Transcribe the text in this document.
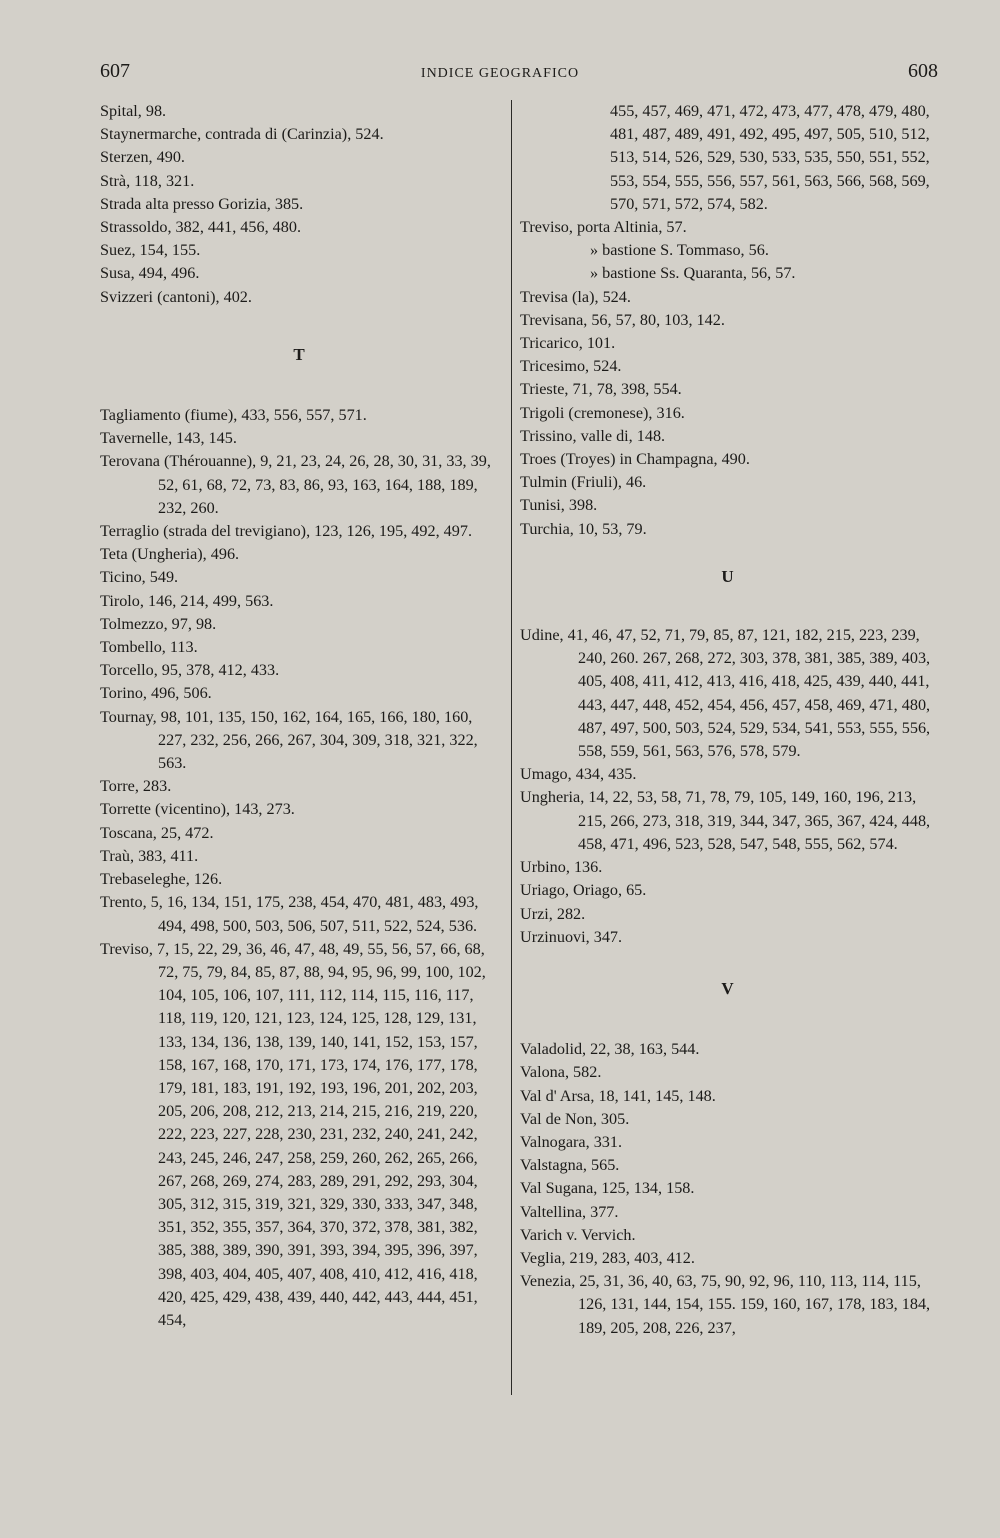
607	INDICE GEOGRAFICO	608

Spital, 98.

Staynermarche, contrada di (Carinzia), 524.

Sterzen, 490.

Strà, 118, 321.

Strada alta presso Gorizia, 385.

Strassoldo, 382, 441, 456, 480.

Suez, 154, 155.

Susa, 494, 496.

Svizzeri (cantoni), 402.

T

Tagliamento (fiume), 433, 556, 557, 571.

Tavernelle, 143, 145.

Terovana (Thérouanne), 9, 21, 23, 24, 26, 28, 30, 31, 33, 39, 52, 61, 68, 72, 73, 83, 86, 93, 163, 164, 188, 189, 232, 260.

Terraglio (strada del trevigiano), 123, 126, 195, 492, 497.

Teta (Ungheria), 496.

Ticino, 549.

Tirolo, 146, 214, 499, 563.

Tolmezzo, 97, 98.

Tombello, 113.

Torcello, 95, 378, 412, 433.

Torino, 496, 506.

Tournay, 98, 101, 135, 150, 162, 164, 165, 166, 180, 160, 227, 232, 256, 266, 267, 304, 309, 318, 321, 322, 563.

Torre, 283.

Torrette (vicentino), 143, 273.

Toscana, 25, 472.

Traù, 383, 411.

Trebaseleghe, 126.

Trento, 5, 16, 134, 151, 175, 238, 454, 470, 481, 483, 493, 494, 498, 500, 503, 506, 507, 511, 522, 524, 536.

Treviso, 7, 15, 22, 29, 36, 46, 47, 48, 49, 55, 56, 57, 66, 68, 72, 75, 79, 84, 85, 87, 88, 94, 95, 96, 99, 100, 102, 104, 105, 106, 107, 111, 112, 114, 115, 116, 117, 118, 119, 120, 121, 123, 124, 125, 128, 129, 131, 133, 134, 136, 138, 139, 140, 141, 152, 153, 157, 158, 167, 168, 170, 171, 173, 174, 176, 177, 178, 179, 181, 183, 191, 192, 193, 196, 201, 202, 203, 205, 206, 208, 212, 213, 214, 215, 216, 219, 220, 222, 223, 227, 228, 230, 231, 232, 240, 241, 242, 243, 245, 246, 247, 258, 259, 260, 262, 265, 266, 267, 268, 269, 274, 283, 289, 291, 292, 293, 304, 305, 312, 315, 319, 321, 329, 330, 333, 347, 348, 351, 352, 355, 357, 364, 370, 372, 378, 381, 382, 385, 388, 389, 390, 391, 393, 394, 395, 396, 397, 398, 403, 404, 405, 407, 408, 410, 412, 416, 418, 420, 425, 429, 438, 439, 440, 442, 443, 444, 451, 454,

455, 457, 469, 471, 472, 473, 477, 478, 479, 480, 481, 487, 489, 491, 492, 495, 497, 505, 510, 512, 513, 514, 526, 529, 530, 533, 535, 550, 551, 552, 553, 554, 555, 556, 557, 561, 563, 566, 568, 569, 570, 571, 572, 574, 582.

Treviso, porta Altinia, 57.

» bastione S. Tommaso, 56.

» bastione Ss. Quaranta, 56, 57.

Trevisa (la), 524.

Trevisana, 56, 57, 80, 103, 142.

Tricarico, 101.

Tricesimo, 524.

Trieste, 71, 78, 398, 554.

Trigoli (cremonese), 316.

Trissino, valle di, 148.

Troes (Troyes) in Champagna, 490.

Tulmin (Friuli), 46.

Tunisi, 398.

Turchia, 10, 53, 79.

U

Udine, 41, 46, 47, 52, 71, 79, 85, 87, 121, 182, 215, 223, 239, 240, 260. 267, 268, 272, 303, 378, 381, 385, 389, 403, 405, 408, 411, 412, 413, 416, 418, 425, 439, 440, 441, 443, 447, 448, 452, 454, 456, 457, 458, 469, 471, 480, 487, 497, 500, 503, 524, 529, 534, 541, 553, 555, 556, 558, 559, 561, 563, 576, 578, 579.

Umago, 434, 435.

Ungheria, 14, 22, 53, 58, 71, 78, 79, 105, 149, 160, 196, 213, 215, 266, 273, 318, 319, 344, 347, 365, 367, 424, 448, 458, 471, 496, 523, 528, 547, 548, 555, 562, 574.

Urbino, 136.

Uriago, Oriago, 65.

Urzi, 282.

Urzinuovi, 347.

V

Valadolid, 22, 38, 163, 544.

Valona, 582.

Val d' Arsa, 18, 141, 145, 148.

Val de Non, 305.

Valnogara, 331.

Valstagna, 565.

Val Sugana, 125, 134, 158.

Valtellina, 377.

Varich v. Vervich.

Veglia, 219, 283, 403, 412.

Venezia, 25, 31, 36, 40, 63, 75, 90, 92, 96, 110, 113, 114, 115, 126, 131, 144, 154, 155. 159, 160, 167, 178, 183, 184, 189, 205, 208, 226, 237,
